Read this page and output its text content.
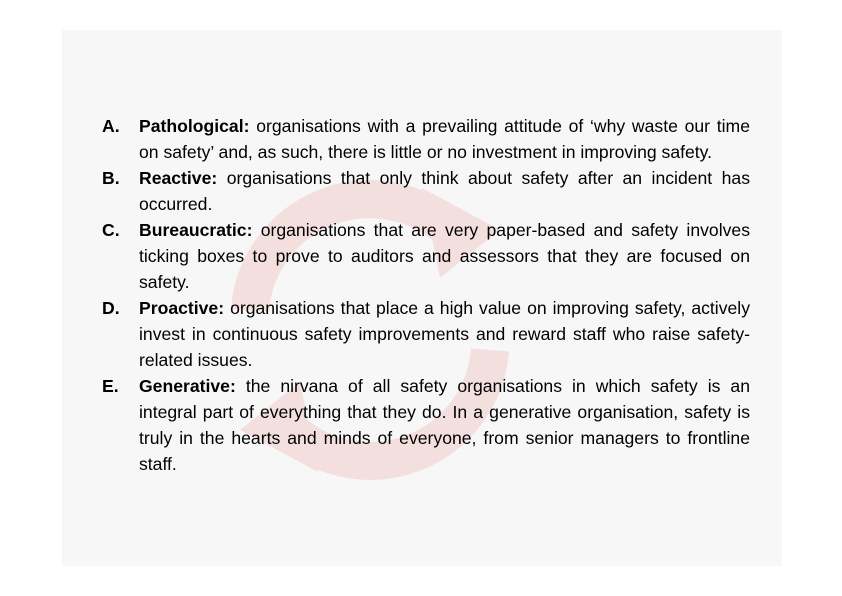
A. Pathological: organisations with a prevailing attitude of ‘why waste our time on safety’ and, as such, there is little or no investment in improving safety.
B. Reactive: organisations that only think about safety after an incident has occurred.
C. Bureaucratic: organisations that are very paper-based and safety involves ticking boxes to prove to auditors and assessors that they are focused on safety.
D. Proactive: organisations that place a high value on improving safety, actively invest in continuous safety improvements and reward staff who raise safety- related issues.
E. Generative: the nirvana of all safety organisations in which safety is an integral part of everything that they do. In a generative organisation, safety is truly in the hearts and minds of everyone, from senior managers to frontline staff.
